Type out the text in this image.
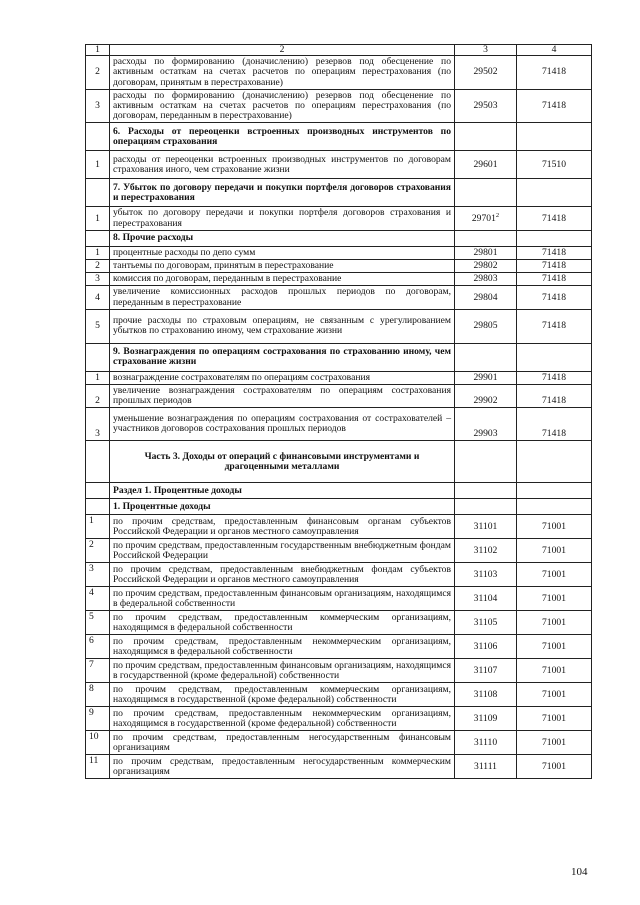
1	2	3	4
2	расходы по формированию (доначислению) резервов под обесценение по активным остаткам на счетах расчетов по операциям перестрахования (по договорам, принятым в перестрахование)	29502	71418
3	расходы по формированию (доначислению) резервов под обесценение по активным остаткам на счетах расчетов по операциям перестрахования (по договорам, переданным в перестрахование)	29503	71418
	6. Расходы от переоценки встроенных производных инструментов по операциям страхования		
1	расходы от переоценки встроенных производных инструментов по договорам страхования иного, чем страхование жизни	29601	71510
	7. Убыток по договору передачи и покупки портфеля договоров страхования и перестрахования		
1	убыток по договору передачи и покупки портфеля договоров страхования и перестрахования	29701$^2$	71418
	8. Прочие расходы		
1	процентные расходы по депо сумм	29801	71418
2	тантьемы по договорам, принятым в перестрахование	29802	71418
3	комиссия по договорам, переданным в перестрахование	29803	71418
4	увеличение комиссионных расходов прошлых периодов по договорам, переданным в перестрахование	29804	71418
5	прочие расходы по страховым операциям, не связанным с урегулированием убытков по страхованию иному, чем страхование жизни	29805	71418
	9. Вознаграждения по операциям сострахования по страхованию иному, чем страхование жизни		
1	вознаграждение сострахователям по операциям сострахования	29901	71418
2	увеличение вознаграждения сострахователям по операциям сострахования прошлых периодов	29902	71418
3	уменьшение вознаграждения по операциям сострахования от сострахователей – участников договоров сострахования прошлых периодов	29903	71418
	Часть 3. Доходы от операций с финансовыми инструментами и драгоценными металлами		
	Раздел 1. Процентные доходы		
	1. Процентные доходы		
1	по прочим средствам, предоставленным финансовым органам субъектов Российской Федерации и органов местного самоуправления	31101	71001
2	по прочим средствам, предоставленным государственным внебюджетным фондам Российской Федерации	31102	71001
3	по прочим средствам, предоставленным внебюджетным фондам субъектов Российской Федерации и органов местного самоуправления	31103	71001
4	по прочим средствам, предоставленным финансовым организациям, находящимся в федеральной собственности	31104	71001
5	по прочим средствам, предоставленным коммерческим организациям, находящимся в федеральной собственности	31105	71001
6	по прочим средствам, предоставленным некоммерческим организациям, находящимся в федеральной собственности	31106	71001
7	по прочим средствам, предоставленным финансовым организациям, находящимся в государственной (кроме федеральной) собственности	31107	71001
8	по прочим средствам, предоставленным коммерческим организациям, находящимся в государственной (кроме федеральной) собственности	31108	71001
9	по прочим средствам, предоставленным некоммерческим организациям, находящимся в государственной (кроме федеральной) собственности	31109	71001
10	по прочим средствам, предоставленным негосударственным финансовым организациям	31110	71001
11	по прочим средствам, предоставленным негосударственным коммерческим организациям	31111	71001
104
